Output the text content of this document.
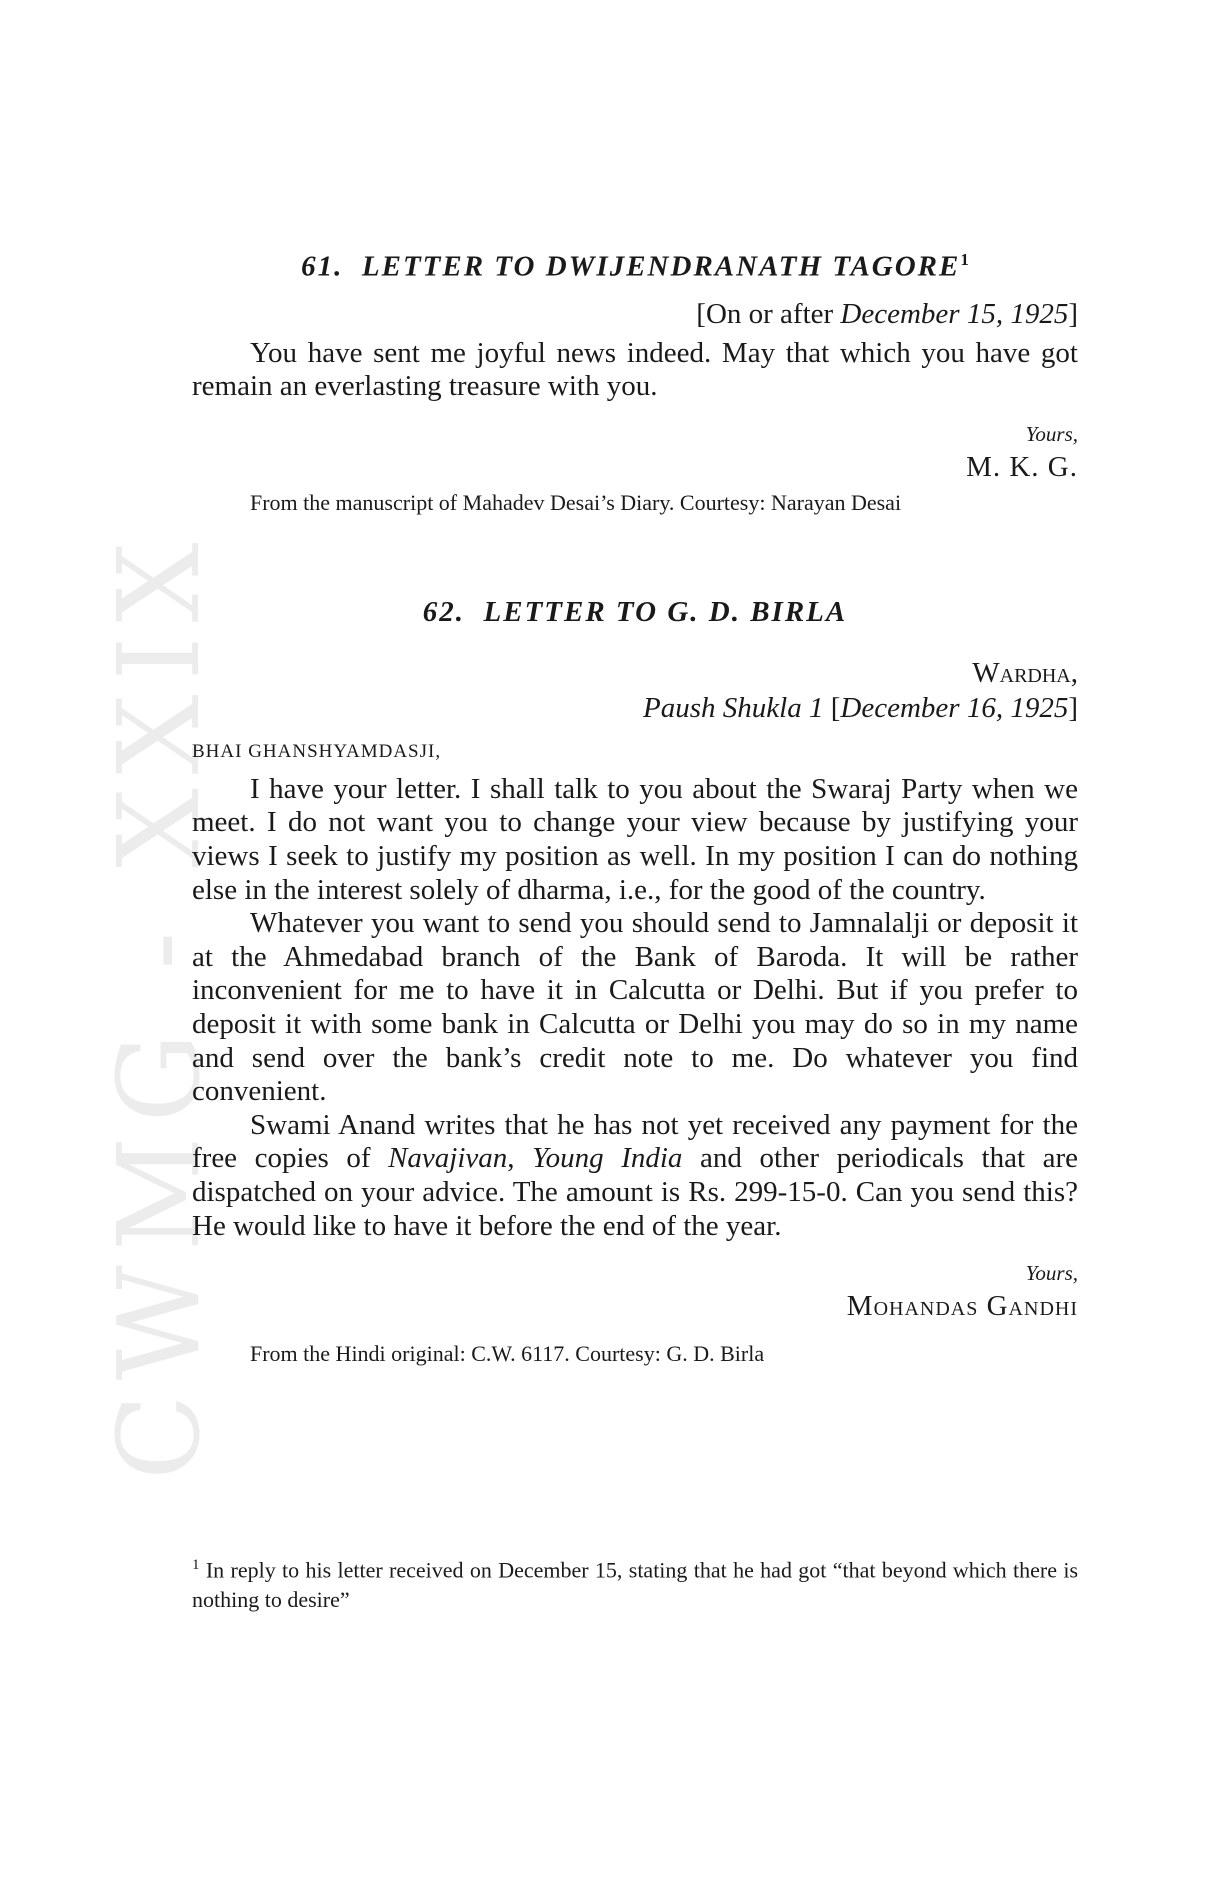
CWMG - XXIX
61. LETTER TO DWIJENDRANATH TAGORE$^1$
[On or after December 15, 1925]

You have sent me joyful news indeed. May that which you have got remain an everlasting treasure with you.

Yours,
M. K. G.
From the manuscript of Mahadev Desai’s Diary. Courtesy: Narayan Desai
62. LETTER TO G. D. BIRLA
Wardha,
Paush Shukla 1 [December 16, 1925]
BHAI GHANSHYAMDASJI,

I have your letter. I shall talk to you about the Swaraj Party when we meet. I do not want you to change your view because by justifying your views I seek to justify my position as well. In my position I can do nothing else in the interest solely of dharma, i.e., for the good of the country.

Whatever you want to send you should send to Jamnalalji or deposit it at the Ahmedabad branch of the Bank of Baroda. It will be rather inconvenient for me to have it in Calcutta or Delhi. But if you prefer to deposit it with some bank in Calcutta or Delhi you may do so in my name and send over the bank’s credit note to me. Do whatever you find convenient.

Swami Anand writes that he has not yet received any payment for the free copies of Navajivan, Young India and other periodicals that are dispatched on your advice. The amount is Rs. 299-15-0. Can you send this? He would like to have it before the end of the year.

Yours,
Mohandas Gandhi
From the Hindi original: C.W. 6117. Courtesy: G. D. Birla
$^1$ In reply to his letter received on December 15, stating that he had got “that beyond which there is nothing to desire”
